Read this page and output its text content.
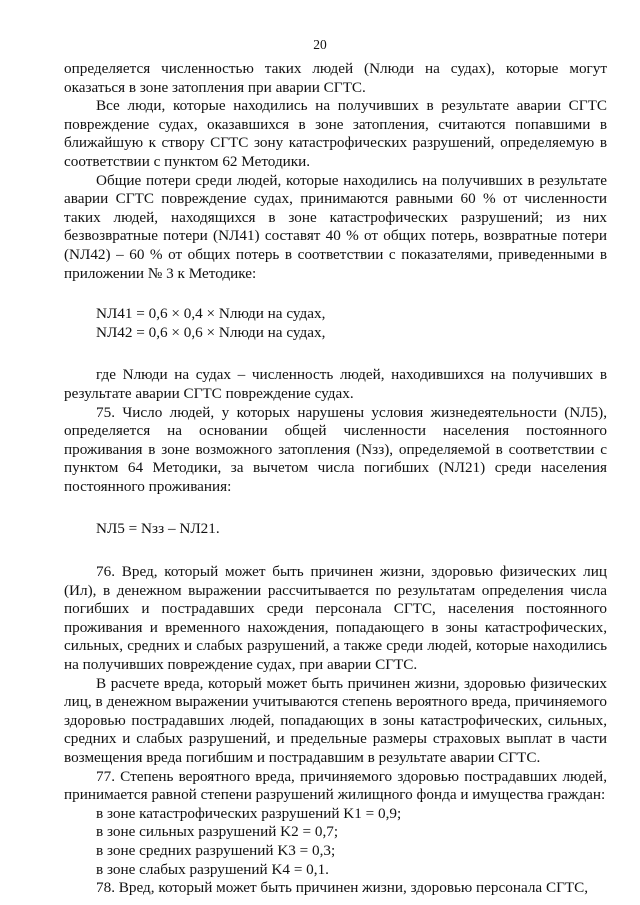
20

определяется численностью таких людей (Nлюди на судах), которые могут оказаться в зоне затопления при аварии СГТС.

Все люди, которые находились на получивших в результате аварии СГТС повреждение судах, оказавшихся в зоне затопления, считаются попавшими в ближайшую к створу СГТС зону катастрофических разрушений, определяемую в соответствии с пунктом 62 Методики.

Общие потери среди людей, которые находились на получивших в результате аварии СГТС повреждение судах, принимаются равными 60 % от численности таких людей, находящихся в зоне катастрофических разрушений; из них безвозвратные потери (NЛ41) составят 40 % от общих потерь, возвратные потери (NЛ42) – 60 % от общих потерь в соответствии с показателями, приведенными в приложении № 3 к Методике:

NЛ41 = 0,6 × 0,4 × Nлюди на судах,
NЛ42 = 0,6 × 0,6 × Nлюди на судах,

где Nлюди на судах – численность людей, находившихся на получивших в результате аварии СГТС повреждение судах.

75. Число людей, у которых нарушены условия жизнедеятельности (NЛ5), определяется на основании общей численности населения постоянного проживания в зоне возможного затопления (Nзз), определяемой в соответствии с пунктом 64 Методики, за вычетом числа погибших (NЛ21) среди населения постоянного проживания:

NЛ5 = Nзз – NЛ21.

76. Вред, который может быть причинен жизни, здоровью физических лиц (Ил), в денежном выражении рассчитывается по результатам определения числа погибших и пострадавших среди персонала СГТС, населения постоянного проживания и временного нахождения, попадающего в зоны катастрофических, сильных, средних и слабых разрушений, а также среди людей, которые находились на получивших повреждение судах, при аварии СГТС.

В расчете вреда, который может быть причинен жизни, здоровью физических лиц, в денежном выражении учитываются степень вероятного вреда, причиняемого здоровью пострадавших людей, попадающих в зоны катастрофических, сильных, средних и слабых разрушений, и предельные размеры страховых выплат в части возмещения вреда погибшим и пострадавшим в результате аварии СГТС.

77. Степень вероятного вреда, причиняемого здоровью пострадавших людей, принимается равной степени разрушений жилищного фонда и имущества граждан:

в зоне катастрофических разрушений K1 = 0,9;

в зоне сильных разрушений K2 = 0,7;

в зоне средних разрушений K3 = 0,3;

в зоне слабых разрушений K4 = 0,1.

78. Вред, который может быть причинен жизни, здоровью персонала СГТС,
